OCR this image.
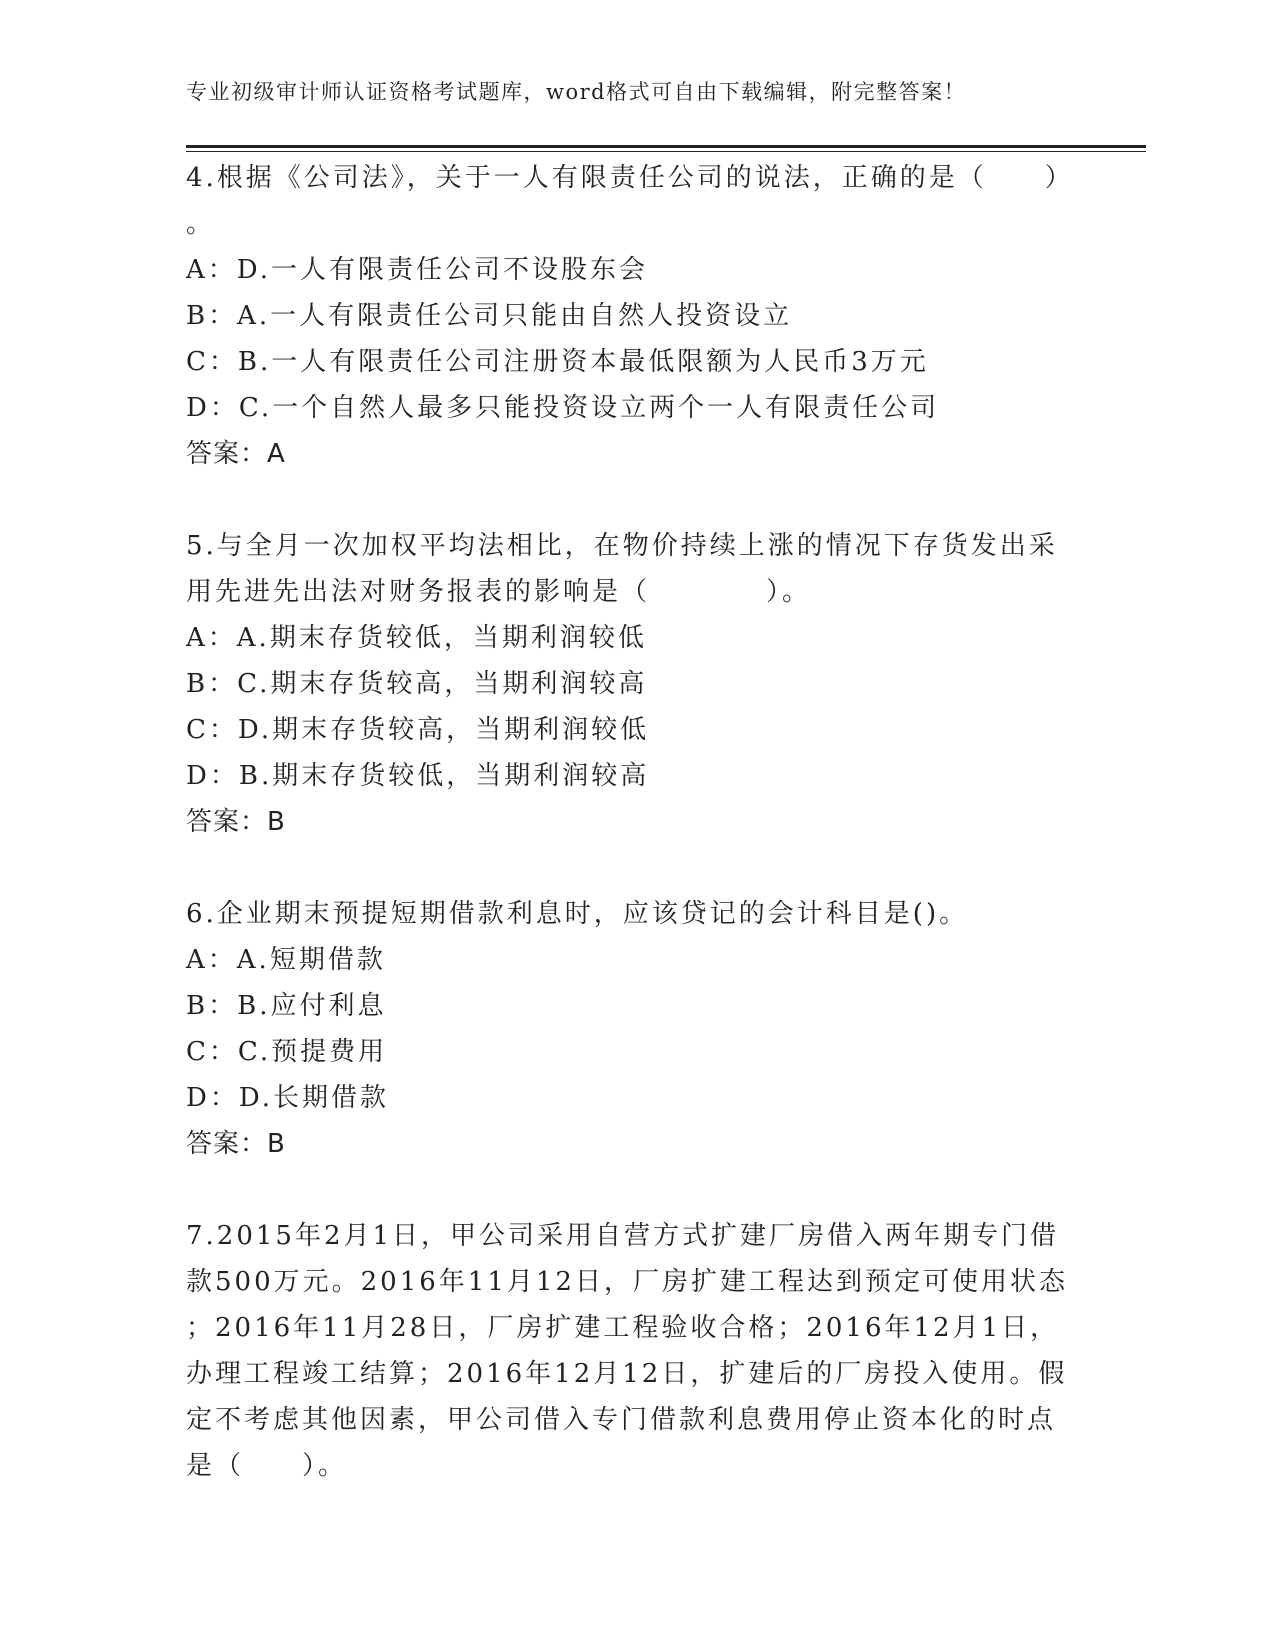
专业初级审计师认证资格考试题库，word格式可自由下载编辑，附完整答案！
4.根据《公司法》，关于一人有限责任公司的说法，正确的是（　　）
。
A：D.一人有限责任公司不设股东会
B：A.一人有限责任公司只能由自然人投资设立
C：B.一人有限责任公司注册资本最低限额为人民币3万元
D：C.一个自然人最多只能投资设立两个一人有限责任公司
答案：A
5.与全月一次加权平均法相比，在物价持续上涨的情况下存货发出采
用先进先出法对财务报表的影响是（　　　　）。
A：A.期末存货较低，当期利润较低
B：C.期末存货较高，当期利润较高
C：D.期末存货较高，当期利润较低
D：B.期末存货较低，当期利润较高
答案：B
6.企业期末预提短期借款利息时，应该贷记的会计科目是()。
A：A.短期借款
B：B.应付利息
C：C.预提费用
D：D.长期借款
答案：B
7.2015年2月1日，甲公司采用自营方式扩建厂房借入两年期专门借
款500万元。2016年11月12日，厂房扩建工程达到预定可使用状态
；2016年11月28日，厂房扩建工程验收合格；2016年12月1日，
办理工程竣工结算；2016年12月12日，扩建后的厂房投入使用。假
定不考虑其他因素，甲公司借入专门借款利息费用停止资本化的时点
是（　　）。
